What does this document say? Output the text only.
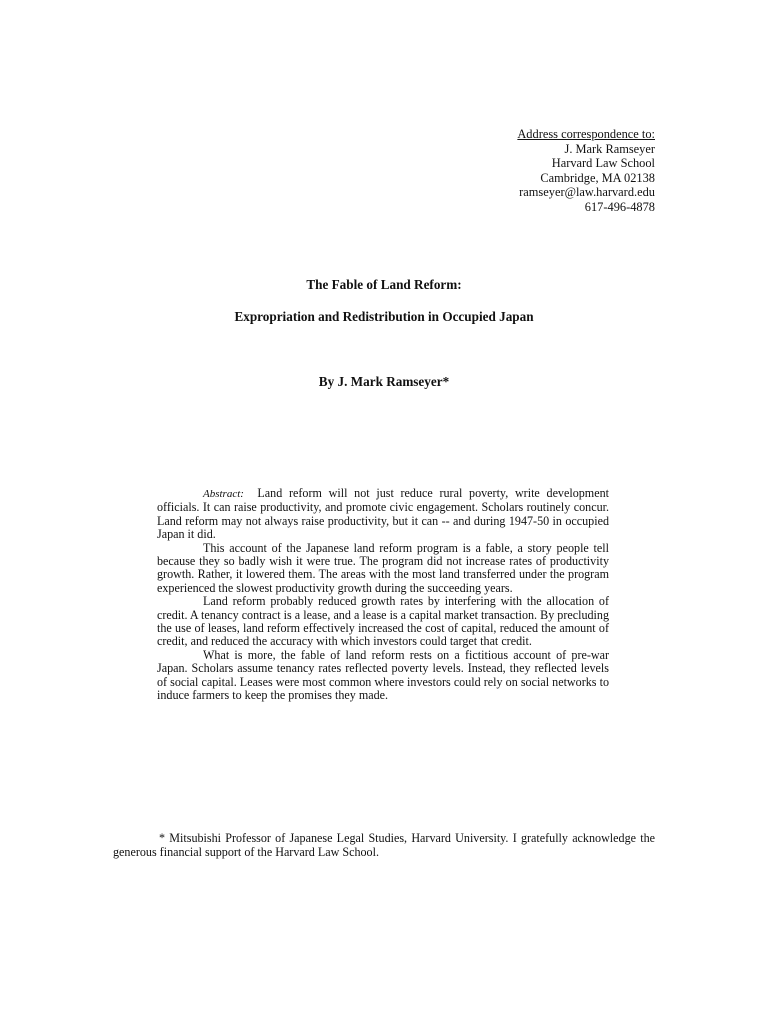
Address correspondence to:
J. Mark Ramseyer
Harvard Law School
Cambridge, MA 02138
ramseyer@law.harvard.edu
617-496-4878
The Fable of Land Reform:
Expropriation and Redistribution in Occupied Japan
By J. Mark Ramseyer*

Abstract: Land reform will not just reduce rural poverty, write development officials. It can raise productivity, and promote civic engagement. Scholars routinely concur. Land reform may not always raise productivity, but it can -- and during 1947-50 in occupied Japan it did.

This account of the Japanese land reform program is a fable, a story people tell because they so badly wish it were true. The program did not increase rates of productivity growth. Rather, it lowered them. The areas with the most land transferred under the program experienced the slowest productivity growth during the succeeding years.

Land reform probably reduced growth rates by interfering with the allocation of credit. A tenancy contract is a lease, and a lease is a capital market transaction. By precluding the use of leases, land reform effectively increased the cost of capital, reduced the amount of credit, and reduced the accuracy with which investors could target that credit.

What is more, the fable of land reform rests on a fictitious account of pre-war Japan. Scholars assume tenancy rates reflected poverty levels. Instead, they reflected levels of social capital. Leases were most common where investors could rely on social networks to induce farmers to keep the promises they made.

* Mitsubishi Professor of Japanese Legal Studies, Harvard University. I gratefully acknowledge the generous financial support of the Harvard Law School.
